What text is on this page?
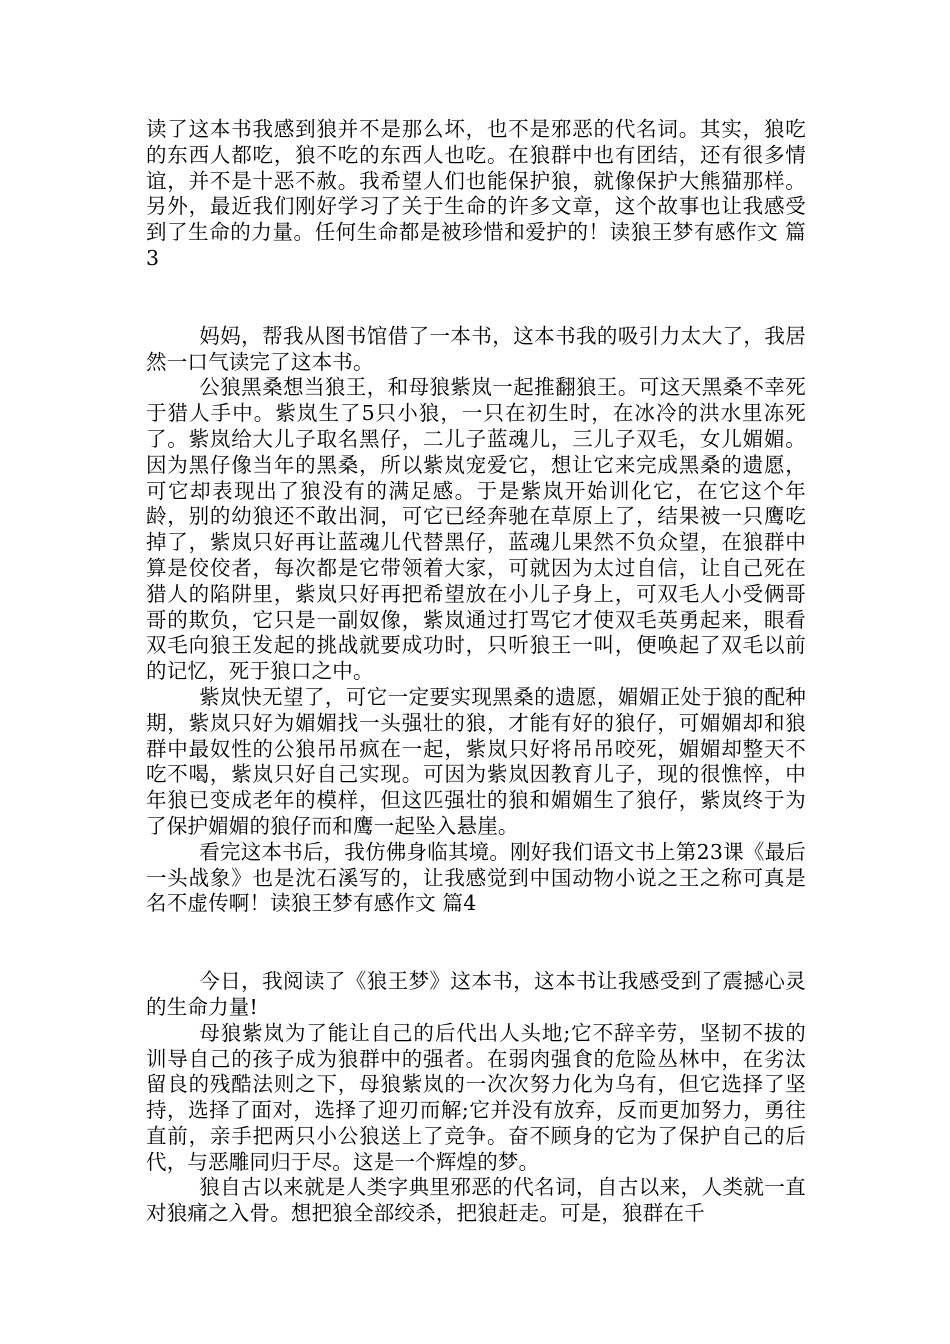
读了这本书我感到狼并不是那么坏，也不是邪恶的代名词。其实，狼吃的东西人都吃，狼不吃的东西人也吃。在狼群中也有团结，还有很多情谊，并不是十恶不赦。我希望人们也能保护狼，就像保护大熊猫那样。另外，最近我们刚好学习了关于生命的许多文章，这个故事也让我感受到了生命的力量。任何生命都是被珍惜和爱护的！读狼王梦有感作文 篇3

妈妈，帮我从图书馆借了一本书，这本书我的吸引力太大了，我居然一口气读完了这本书。

公狼黑桑想当狼王，和母狼紫岚一起推翻狼王。可这天黑桑不幸死于猎人手中。紫岚生了5只小狼，一只在初生时，在冰冷的洪水里冻死了。紫岚给大儿子取名黑仔，二儿子蓝魂儿，三儿子双毛，女儿媚媚。因为黑仔像当年的黑桑，所以紫岚宠爱它，想让它来完成黑桑的遗愿，可它却表现出了狼没有的满足感。于是紫岚开始训化它，在它这个年龄，别的幼狼还不敢出洞，可它已经奔驰在草原上了，结果被一只鹰吃掉了，紫岚只好再让蓝魂儿代替黑仔，蓝魂儿果然不负众望，在狼群中算是佼佼者，每次都是它带领着大家，可就因为太过自信，让自己死在猎人的陷阱里，紫岚只好再把希望放在小儿子身上，可双毛人小受俩哥哥的欺负，它只是一副奴像，紫岚通过打骂它才使双毛英勇起来，眼看双毛向狼王发起的挑战就要成功时，只听狼王一叫，便唤起了双毛以前的记忆，死于狼口之中。

紫岚快无望了，可它一定要实现黑桑的遗愿，媚媚正处于狼的配种期，紫岚只好为媚媚找一头强壮的狼，才能有好的狼仔，可媚媚却和狼群中最奴性的公狼吊吊疯在一起，紫岚只好将吊吊咬死，媚媚却整天不吃不喝，紫岚只好自己实现。可因为紫岚因教育儿子，现的很憔悴，中年狼已变成老年的模样，但这匹强壮的狼和媚媚生了狼仔，紫岚终于为了保护媚媚的狼仔而和鹰一起坠入悬崖。

看完这本书后，我仿佛身临其境。刚好我们语文书上第23课《最后一头战象》也是沈石溪写的，让我感觉到中国动物小说之王之称可真是名不虚传啊！读狼王梦有感作文 篇4

今日，我阅读了《狼王梦》这本书，这本书让我感受到了震撼心灵的生命力量!

母狼紫岚为了能让自己的后代出人头地;它不辞辛劳，坚韧不拔的训导自己的孩子成为狼群中的强者。在弱肉强食的危险丛林中，在劣汰留良的残酷法则之下，母狼紫岚的一次次努力化为乌有，但它选择了坚持，选择了面对，选择了迎刃而解;它并没有放弃，反而更加努力，勇往直前，亲手把两只小公狼送上了竞争。奋不顾身的它为了保护自己的后代，与恶雕同归于尽。这是一个辉煌的梦。

狼自古以来就是人类字典里邪恶的代名词，自古以来，人类就一直对狼痛之入骨。想把狼全部绞杀，把狼赶走。可是，狼群在千
